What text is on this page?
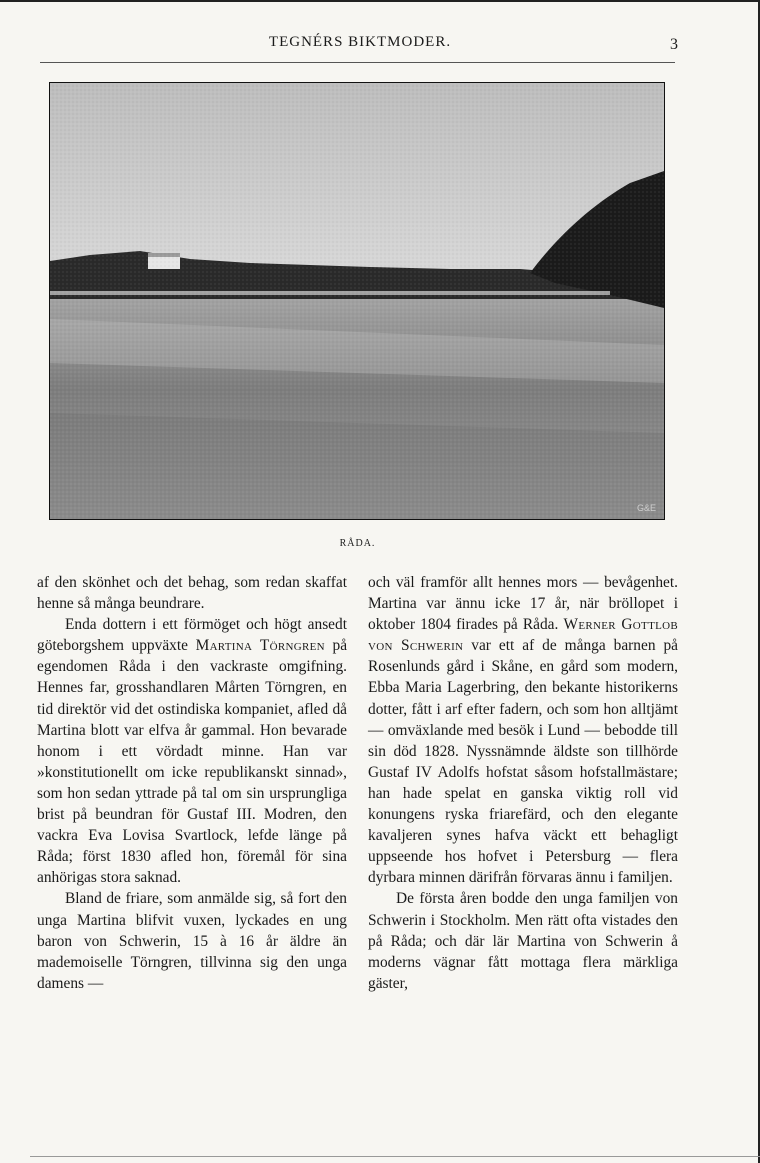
TEGNÉRS BIKTMODER.	3
G&E
RÅDA.

af den skönhet och det behag, som redan skaffat henne så många beundrare.

Enda dottern i ett förmöget och högt ansedt göteborgshem uppväxte Martina Törngren på egendomen Råda i den vackraste omgifning. Hennes far, grosshandlaren Mårten Törngren, en tid direktör vid det ostindiska kompaniet, afled då Martina blott var elfva år gammal. Hon bevarade honom i ett vördadt minne. Han var »konstitutionellt om icke republikanskt sinnad», som hon sedan yttrade på tal om sin ursprungliga brist på beundran för Gustaf III. Modren, den vackra Eva Lovisa Svartlock, lefde länge på Råda; först 1830 afled hon, föremål för sina anhörigas stora saknad.

Bland de friare, som anmälde sig, så fort den unga Martina blifvit vuxen, lyckades en ung baron von Schwerin, 15 à 16 år äldre än mademoiselle Törngren, tillvinna sig den unga damens —

och väl framför allt hennes mors — bevågenhet. Martina var ännu icke 17 år, när bröllopet i oktober 1804 firades på Råda. Werner Gottlob von Schwerin var ett af de många barnen på Rosenlunds gård i Skåne, en gård som modern, Ebba Maria Lagerbring, den bekante historikerns dotter, fått i arf efter fadern, och som hon alltjämt — omväxlande med besök i Lund — bebodde till sin död 1828. Nyssnämnde äldste son tillhörde Gustaf IV Adolfs hofstat såsom hofstallmästare; han hade spelat en ganska viktig roll vid konungens ryska friarefärd, och den elegante kavaljeren synes hafva väckt ett behagligt uppseende hos hofvet i Petersburg — flera dyrbara minnen därifrån förvaras ännu i familjen.

De första åren bodde den unga familjen von Schwerin i Stockholm. Men rätt ofta vistades den på Råda; och där lär Martina von Schwerin å moderns vägnar fått mottaga flera märkliga gäster,
